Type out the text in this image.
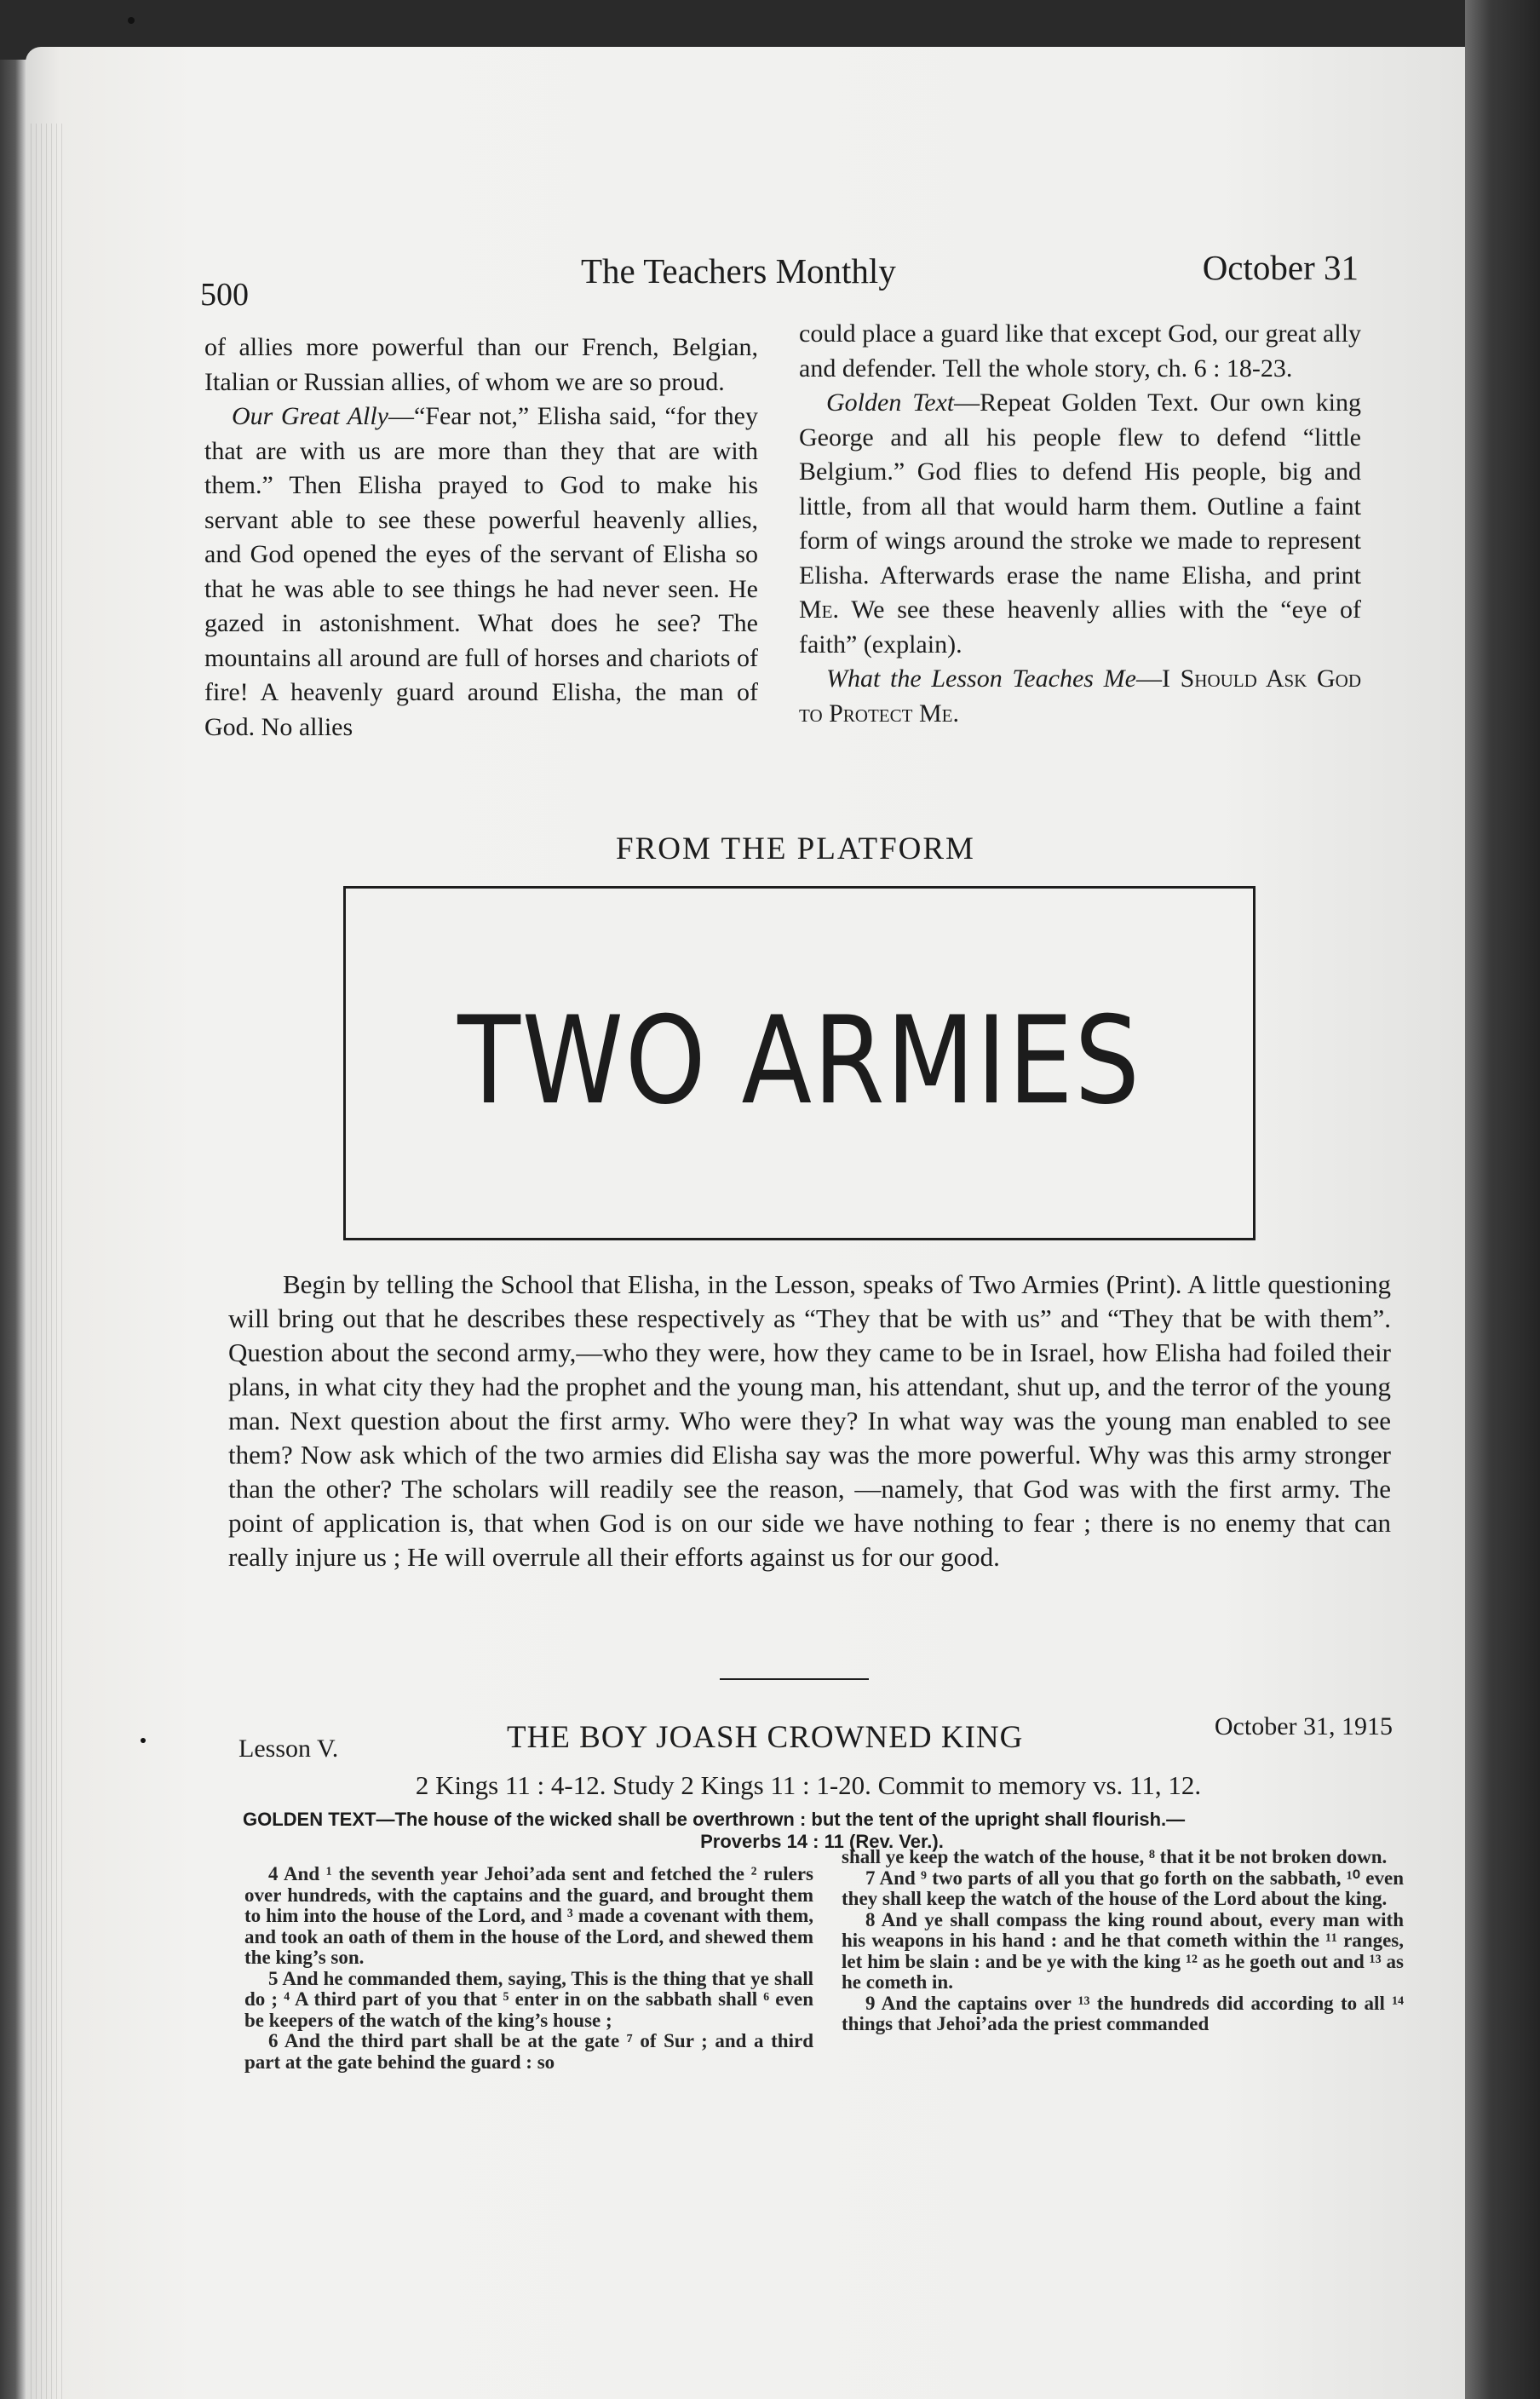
500
The Teachers Monthly	October 31

of allies more powerful than our French, Belgian, Italian or Russian allies, of whom we are so proud.

Our Great Ally—“Fear not,” Elisha said, “for they that are with us are more than they that are with them.” Then Elisha prayed to God to make his servant able to see these powerful heavenly allies, and God opened the eyes of the servant of Elisha so that he was able to see things he had never seen. He gazed in astonishment. What does he see? The mountains all around are full of horses and chariots of fire! A heavenly guard around Elisha, the man of God. No allies

could place a guard like that except God, our great ally and defender. Tell the whole story, ch. 6 : 18-23.

Golden Text—Repeat Golden Text. Our own king George and all his people flew to defend “little Belgium.” God flies to defend His people, big and little, from all that would harm them. Outline a faint form of wings around the stroke we made to represent Elisha. Afterwards erase the name Elisha, and print Me. We see these heavenly allies with the “eye of faith” (explain).

What the Lesson Teaches Me—I Should Ask God to Protect Me.

FROM THE PLATFORM
TWO ARMIES

Begin by telling the School that Elisha, in the Lesson, speaks of Two Armies (Print). A little questioning will bring out that he describes these respectively as “They that be with us” and “They that be with them”. Question about the second army,—who they were, how they came to be in Israel, how Elisha had foiled their plans, in what city they had the prophet and the young man, his attendant, shut up, and the terror of the young man. Next question about the first army. Who were they? In what way was the young man enabled to see them? Now ask which of the two armies did Elisha say was the more powerful. Why was this army stronger than the other? The scholars will readily see the reason, —namely, that God was with the first army. The point of application is, that when God is on our side we have nothing to fear ; there is no enemy that can really injure us ; He will overrule all their efforts against us for our good.

Lesson V.	THE BOY JOASH CROWNED KING	October 31, 1915
2 Kings 11 : 4-12. Study 2 Kings 11 : 1-20. Commit to memory vs. 11, 12.
GOLDEN TEXT—The house of the wicked shall be overthrown : but the tent of the upright shall flourish.—
Proverbs 14 : 11 (Rev. Ver.).

4 And ¹ the seventh year Jehoi’ada sent and fetched the ² rulers over hundreds, with the captains and the guard, and brought them to him into the house of the Lord, and ³ made a covenant with them, and took an oath of them in the house of the Lord, and shewed them the king’s son.

5 And he commanded them, saying, This is the thing that ye shall do ; ⁴ A third part of you that ⁵ enter in on the sabbath shall ⁶ even be keepers of the watch of the king’s house ;

6 And the third part shall be at the gate ⁷ of Sur ; and a third part at the gate behind the guard : so

shall ye keep the watch of the house, ⁸ that it be not broken down.

7 And ⁹ two parts of all you that go forth on the sabbath, ¹⁰ even they shall keep the watch of the house of the Lord about the king.

8 And ye shall compass the king round about, every man with his weapons in his hand : and he that cometh within the ¹¹ ranges, let him be slain : and be ye with the king ¹² as he goeth out and ¹³ as he cometh in.

9 And the captains over ¹³ the hundreds did according to all ¹⁴ things that Jehoi’ada the priest commanded
